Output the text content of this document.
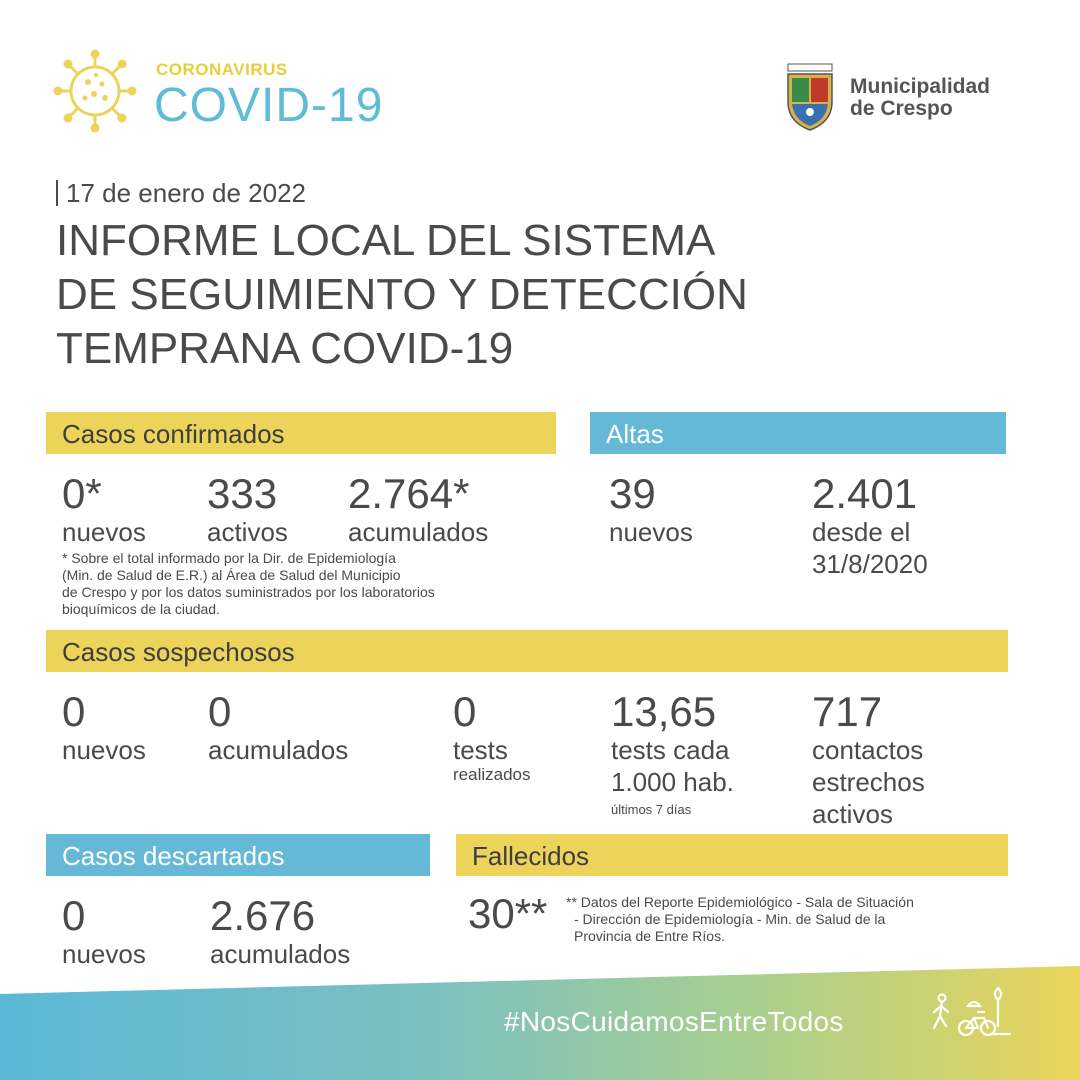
CORONAVIRUS
COVID-19	Municipalidad
de Crespo
17 de enero de 2022
INFORME LOCAL DEL SISTEMA
DE SEGUIMIENTO Y DETECCIÓN
TEMPRANA COVID-19
Casos confirmados
0*
nuevos
333
activos
2.764*
acumulados
* Sobre el total informado por la Dir. de Epidemiología
(Min. de Salud de E.R.) al Área de Salud del Municipio
de Crespo y por los datos suministrados por los laboratorios
bioquímicos de la ciudad.
Altas
39
nuevos
2.401
desde el
31/8/2020
Casos sospechosos
0
nuevos
0
acumulados
0
tests
realizados
13,65
tests cada
1.000 hab.
últimos 7 días
717
contactos
estrechos
activos
Casos descartados
0
nuevos
2.676
acumulados
Fallecidos
30** ** Datos del Reporte Epidemiológico - Sala de Situación
- Dirección de Epidemiología - Min. de Salud de la
Provincia de Entre Ríos.
#NosCuidamosEntreTodos
